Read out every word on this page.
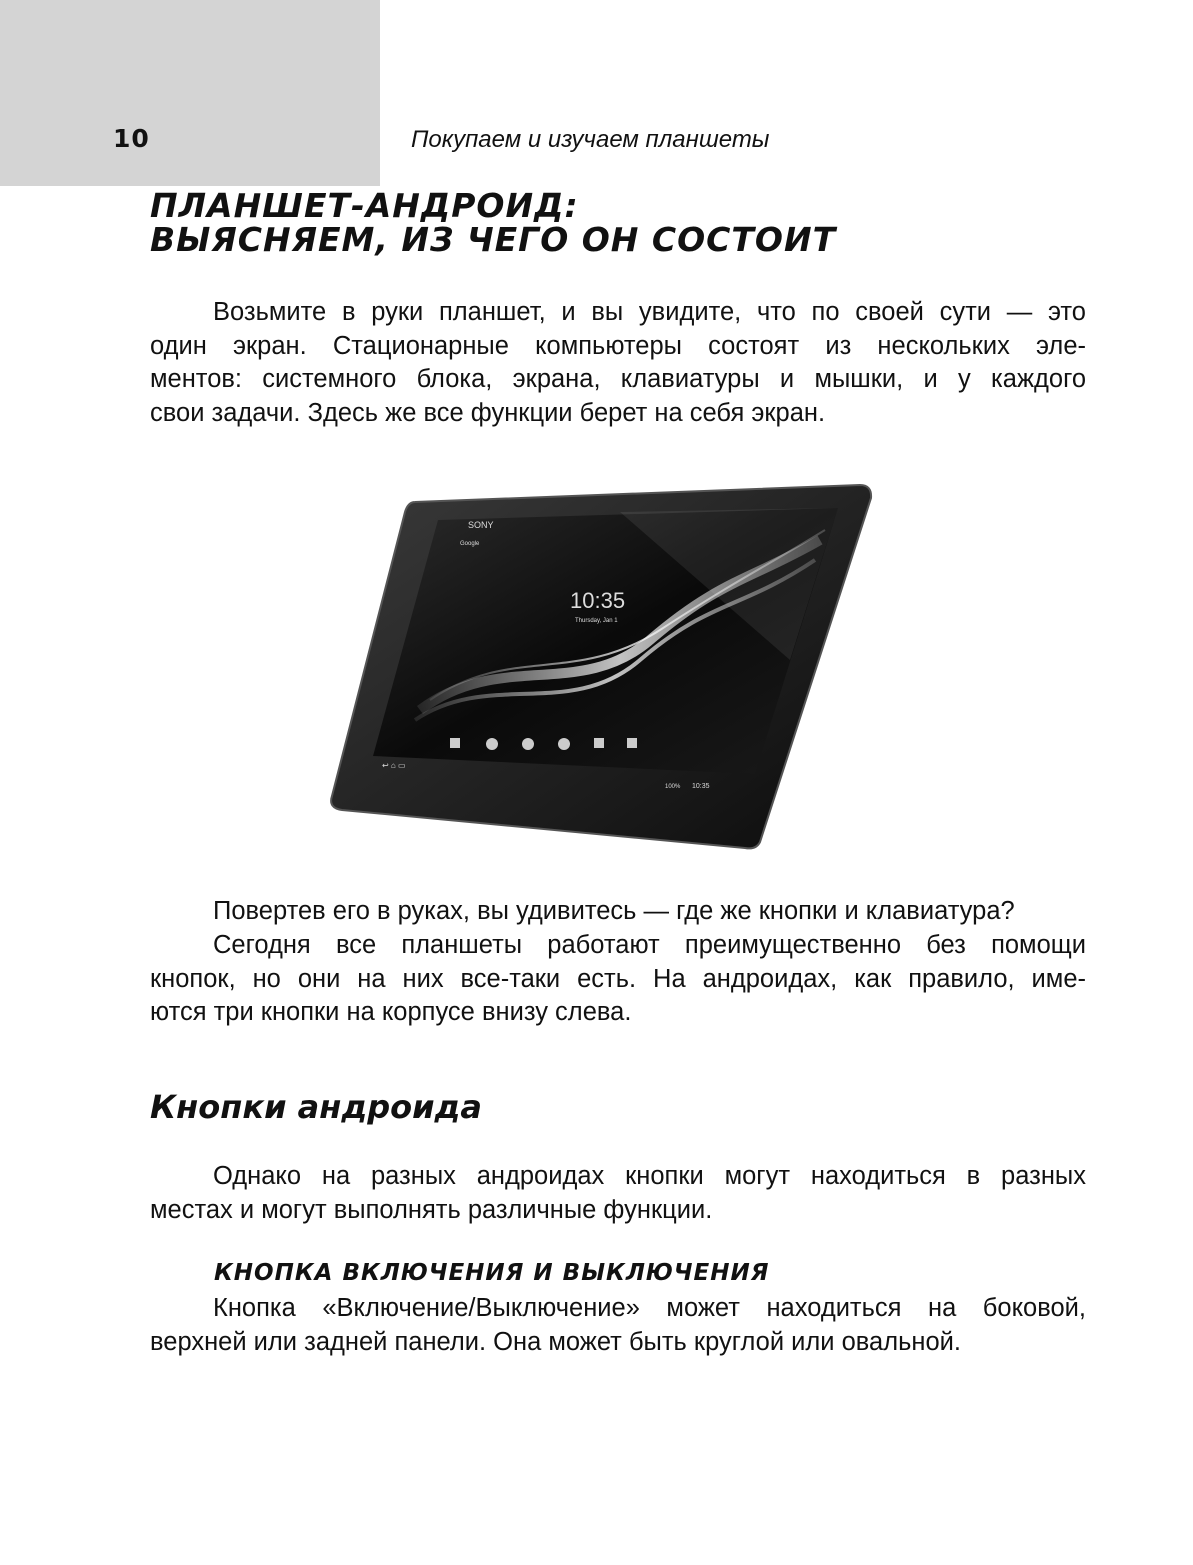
10	Покупаем и изучаем планшеты
ПЛАНШЕТ-АНДРОИД:
ВЫЯСНЯЕМ, ИЗ ЧЕГО ОН СОСТОИТ

Возьмите в руки планшет, и вы увидите, что по своей сути — это
один экран. Стационарные компьютеры состоят из нескольких эле-
ментов: системного блока, экрана, клавиатуры и мышки, и у каждого
свои задачи. Здесь же все функции берет на себя экран.

SONY
Google
10:35
Thursday, Jan 1
↩ ⌂ ▭
100% 10:35

Повертев его в руках, вы удивитесь — где же кнопки и клавиатура?

Сегодня все планшеты работают преимущественно без помощи
кнопок, но они на них все-таки есть. На андроидах, как правило, име-
ются три кнопки на корпусе внизу слева.

Кнопки андроида

Однако на разных андроидах кнопки могут находиться в разных
местах и могут выполнять различные функции.

КНОПКА ВКЛЮЧЕНИЯ И ВЫКЛЮЧЕНИЯ

Кнопка «Включение/Выключение» может находиться на боковой,
верхней или задней панели. Она может быть круглой или овальной.
